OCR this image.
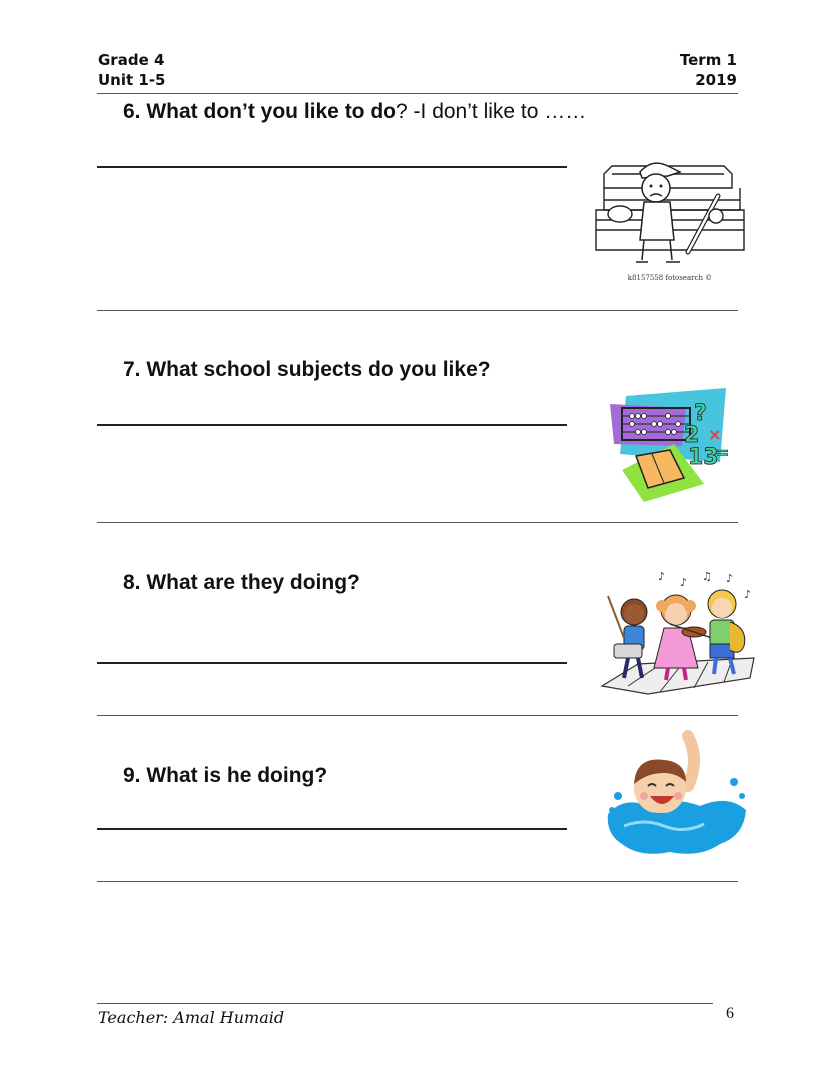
Grade 4
Unit 1-5
Term 1
2019
6. What don’t you like to do? -I don’t like to ……
k8157558 fotosearch ©
7. What school subjects do you like?
?
2 ×
13
=
8. What are they doing?	♪ ♪ ♫ ♪
♪
9. What is he doing?
Teacher: Amal Humaid	6
